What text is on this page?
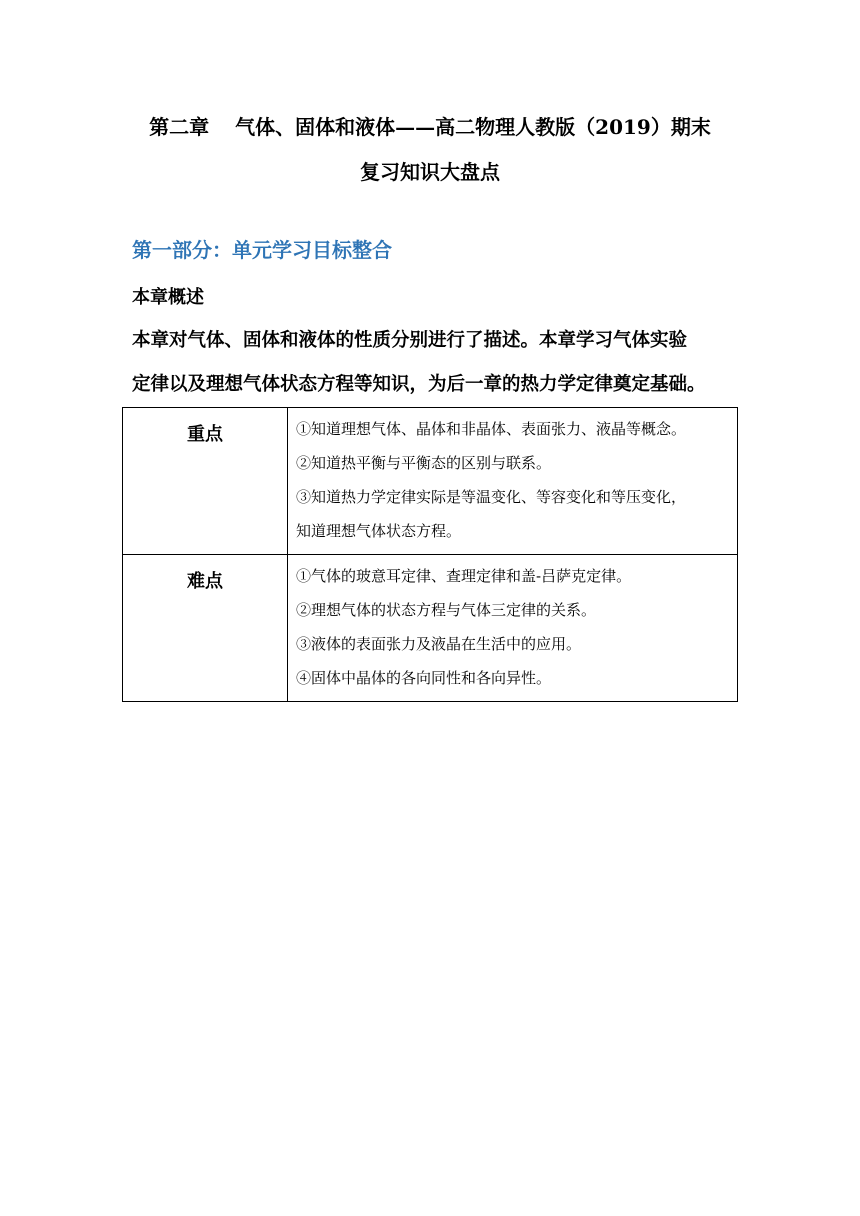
第二章 气体、固体和液体——高二物理人教版（2019）期末
复习知识大盘点
第一部分：单元学习目标整合
本章概述
本章对气体、固体和液体的性质分别进行了描述。本章学习气体实验
定律以及理想气体状态方程等知识，为后一章的热力学定律奠定基础。
重点	①知道理想气体、晶体和非晶体、表面张力、液晶等概念。
②知道热平衡与平衡态的区别与联系。
③知道热力学定律实际是等温变化、等容变化和等压变化，
知道理想气体状态方程。

难点	①气体的玻意耳定律、查理定律和盖-吕萨克定律。
②理想气体的状态方程与气体三定律的关系。
③液体的表面张力及液晶在生活中的应用。
④固体中晶体的各向同性和各向异性。
